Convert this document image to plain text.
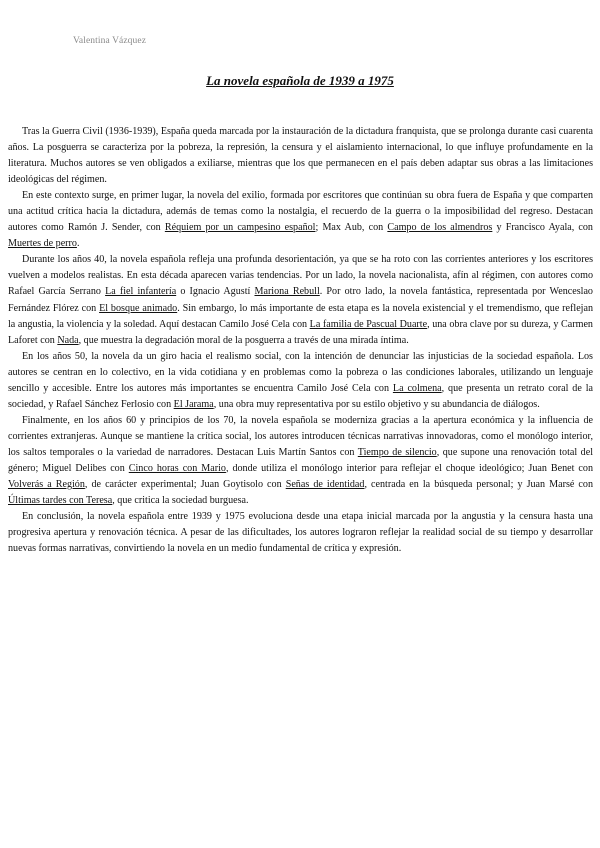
Valentina Vázquez
La novela española de 1939 a 1975

Tras la Guerra Civil (1936-1939), España queda marcada por la instauración de la dictadura franquista, que se prolonga durante casi cuarenta años. La posguerra se caracteriza por la pobreza, la represión, la censura y el aislamiento internacional, lo que influye profundamente en la literatura. Muchos autores se ven obligados a exiliarse, mientras que los que permanecen en el país deben adaptar sus obras a las limitaciones ideológicas del régimen.

En este contexto surge, en primer lugar, la novela del exilio, formada por escritores que continúan su obra fuera de España y que comparten una actitud crítica hacia la dictadura, además de temas como la nostalgia, el recuerdo de la guerra o la imposibilidad del regreso. Destacan autores como Ramón J. Sender, con Réquiem por un campesino español; Max Aub, con Campo de los almendros y Francisco Ayala, con Muertes de perro.

Durante los años 40, la novela española refleja una profunda desorientación, ya que se ha roto con las corrientes anteriores y los escritores vuelven a modelos realistas. En esta década aparecen varias tendencias. Por un lado, la novela nacionalista, afín al régimen, con autores como Rafael García Serrano La fiel infantería o Ignacio Agustí Mariona Rebull. Por otro lado, la novela fantástica, representada por Wenceslao Fernández Flórez con El bosque animado. Sin embargo, lo más importante de esta etapa es la novela existencial y el tremendismo, que reflejan la angustia, la violencia y la soledad. Aquí destacan Camilo José Cela con La familia de Pascual Duarte, una obra clave por su dureza, y Carmen Laforet con Nada, que muestra la degradación moral de la posguerra a través de una mirada íntima.

En los años 50, la novela da un giro hacia el realismo social, con la intención de denunciar las injusticias de la sociedad española. Los autores se centran en lo colectivo, en la vida cotidiana y en problemas como la pobreza o las condiciones laborales, utilizando un lenguaje sencillo y accesible. Entre los autores más importantes se encuentra Camilo José Cela con La colmena, que presenta un retrato coral de la sociedad, y Rafael Sánchez Ferlosio con El Jarama, una obra muy representativa por su estilo objetivo y su abundancia de diálogos.

Finalmente, en los años 60 y principios de los 70, la novela española se moderniza gracias a la apertura económica y la influencia de corrientes extranjeras. Aunque se mantiene la crítica social, los autores introducen técnicas narrativas innovadoras, como el monólogo interior, los saltos temporales o la variedad de narradores. Destacan Luis Martín Santos con Tiempo de silencio, que supone una renovación total del género; Miguel Delibes con Cinco horas con Mario, donde utiliza el monólogo interior para reflejar el choque ideológico; Juan Benet con Volverás a Región, de carácter experimental; Juan Goytisolo con Señas de identidad, centrada en la búsqueda personal; y Juan Marsé con Últimas tardes con Teresa, que critica la sociedad burguesa.

En conclusión, la novela española entre 1939 y 1975 evoluciona desde una etapa inicial marcada por la angustia y la censura hasta una progresiva apertura y renovación técnica. A pesar de las dificultades, los autores lograron reflejar la realidad social de su tiempo y desarrollar nuevas formas narrativas, convirtiendo la novela en un medio fundamental de crítica y expresión.
